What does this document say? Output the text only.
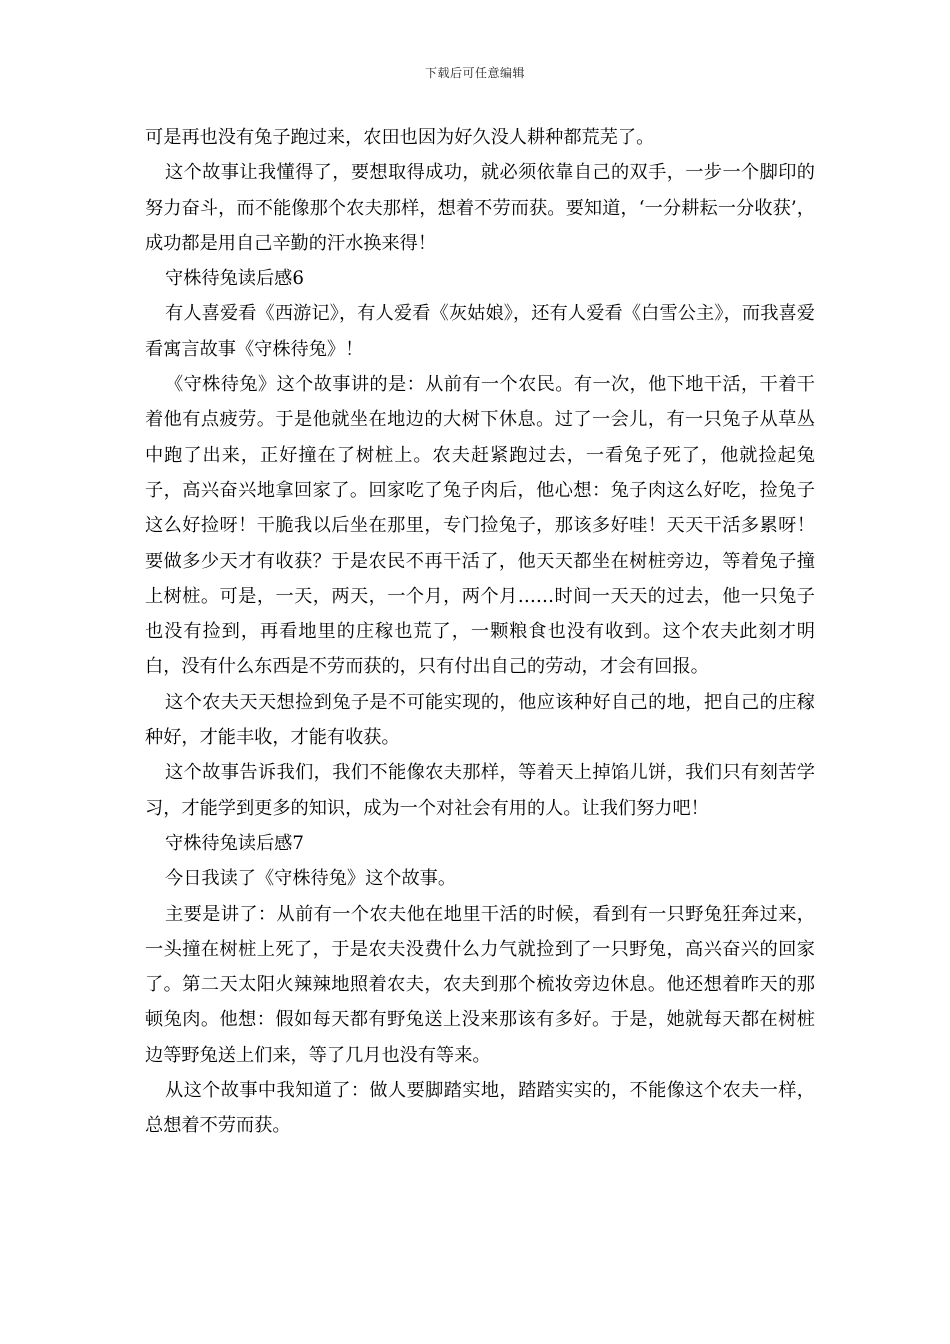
下载后可任意编辑

可是再也没有兔子跑过来，农田也因为好久没人耕种都荒芜了。

这个故事让我懂得了，要想取得成功，就必须依靠自己的双手，一步一个脚印的努力奋斗，而不能像那个农夫那样，想着不劳而获。要知道，‘一分耕耘一分收获’，成功都是用自己辛勤的汗水换来得！

守株待兔读后感6

有人喜爱看《西游记》，有人爱看《灰姑娘》，还有人爱看《白雪公主》，而我喜爱看寓言故事《守株待兔》！

《守株待兔》这个故事讲的是：从前有一个农民。有一次，他下地干活，干着干着他有点疲劳。于是他就坐在地边的大树下休息。过了一会儿，有一只兔子从草丛中跑了出来，正好撞在了树桩上。农夫赶紧跑过去，一看兔子死了，他就捡起兔子，高兴奋兴地拿回家了。回家吃了兔子肉后，他心想：兔子肉这么好吃，捡兔子这么好捡呀！干脆我以后坐在那里，专门捡兔子，那该多好哇！天天干活多累呀！要做多少天才有收获？于是农民不再干活了，他天天都坐在树桩旁边，等着兔子撞上树桩。可是，一天，两天，一个月，两个月……时间一天天的过去，他一只兔子也没有捡到，再看地里的庄稼也荒了，一颗粮食也没有收到。这个农夫此刻才明白，没有什么东西是不劳而获的，只有付出自己的劳动，才会有回报。

这个农夫天天想捡到兔子是不可能实现的，他应该种好自己的地，把自己的庄稼种好，才能丰收，才能有收获。

这个故事告诉我们，我们不能像农夫那样，等着天上掉馅儿饼，我们只有刻苦学习，才能学到更多的知识，成为一个对社会有用的人。让我们努力吧！

守株待兔读后感7

今日我读了《守株待兔》这个故事。

主要是讲了：从前有一个农夫他在地里干活的时候，看到有一只野兔狂奔过来，一头撞在树桩上死了，于是农夫没费什么力气就捡到了一只野兔，高兴奋兴的回家了。第二天太阳火辣辣地照着农夫，农夫到那个梳妆旁边休息。他还想着昨天的那顿兔肉。他想：假如每天都有野兔送上没来那该有多好。于是，她就每天都在树桩边等野兔送上们来，等了几月也没有等来。

从这个故事中我知道了：做人要脚踏实地，踏踏实实的，不能像这个农夫一样，总想着不劳而获。
